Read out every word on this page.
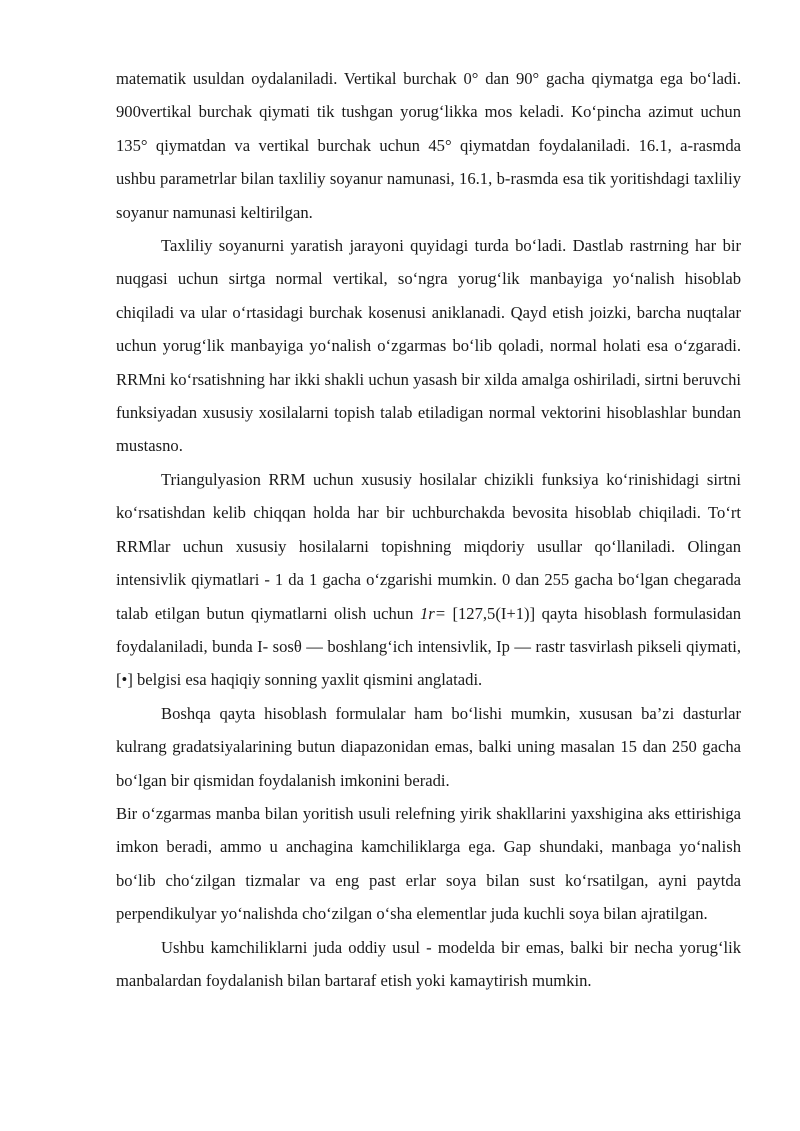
matematik usuldan oydalaniladi. Vertikal burchak 0° dan 90° gacha qiymatga ega bo‘ladi. 900vertikal burchak qiymati tik tushgan yorug‘likka mos keladi. Ko‘pincha azimut uchun 135° qiymatdan va vertikal burchak uchun 45° qiymatdan foydalaniladi. 16.1, a-rasmda ushbu parametrlar bilan taxliliy soyanur namunasi, 16.1, b-rasmda esa tik yoritishdagi taxliliy soyanur namunasi keltirilgan.

Taxliliy soyanurni yaratish jarayoni quyidagi turda bo‘ladi. Dastlab rastrning har bir nuqgasi uchun sirtga normal vertikal, so‘ngra yorug‘lik manbayiga yo‘nalish hisoblab chiqiladi va ular o‘rtasidagi burchak kosenusi aniklanadi. Qayd etish joizki, barcha nuqtalar uchun yorug‘lik manbayiga yo‘nalish o‘zgarmas bo‘lib qoladi, normal holati esa o‘zgaradi. RRMni ko‘rsatishning har ikki shakli uchun yasash bir xilda amalga oshiriladi, sirtni beruvchi funksiyadan xususiy xosilalarni topish talab etiladigan normal vektorini hisoblashlar bundan mustasno.

Triangulyasion RRM uchun xususiy hosilalar chizikli funksiya ko‘rinishidagi sirtni ko‘rsatishdan kelib chiqqan holda har bir uchburchakda bevosita hisoblab chiqiladi. To‘rt RRMlar uchun xususiy hosilalarni topishning miqdoriy usullar qo‘llaniladi. Olingan intensivlik qiymatlari - 1 da 1 gacha o‘zgarishi mumkin. 0 dan 255 gacha bo‘lgan chegarada talab etilgan butun qiymatlarni olish uchun 1r= [127,5(I+1)] qayta hisoblash formulasidan foydalaniladi, bunda I- sosθ — boshlang‘ich intensivlik, Ip — rastr tasvirlash pikseli qiymati, [•] belgisi esa haqiqiy sonning yaxlit qismini anglatadi.

Boshqa qayta hisoblash formulalar ham bo‘lishi mumkin, xususan ba’zi dasturlar kulrang gradatsiyalarining butun diapazonidan emas, balki uning masalan 15 dan 250 gacha bo‘lgan bir qismidan foydalanish imkonini beradi.

Bir o‘zgarmas manba bilan yoritish usuli relefning yirik shakllarini yaxshigina aks ettirishiga imkon beradi, ammo u anchagina kamchiliklarga ega. Gap shundaki, manbaga yo‘nalish bo‘lib cho‘zilgan tizmalar va eng past erlar soya bilan sust ko‘rsatilgan, ayni paytda perpendikulyar yo‘nalishda cho‘zilgan o‘sha elementlar juda kuchli soya bilan ajratilgan.

Ushbu kamchiliklarni juda oddiy usul - modelda bir emas, balki bir necha yorug‘lik manbalardan foydalanish bilan bartaraf etish yoki kamaytirish mumkin.
